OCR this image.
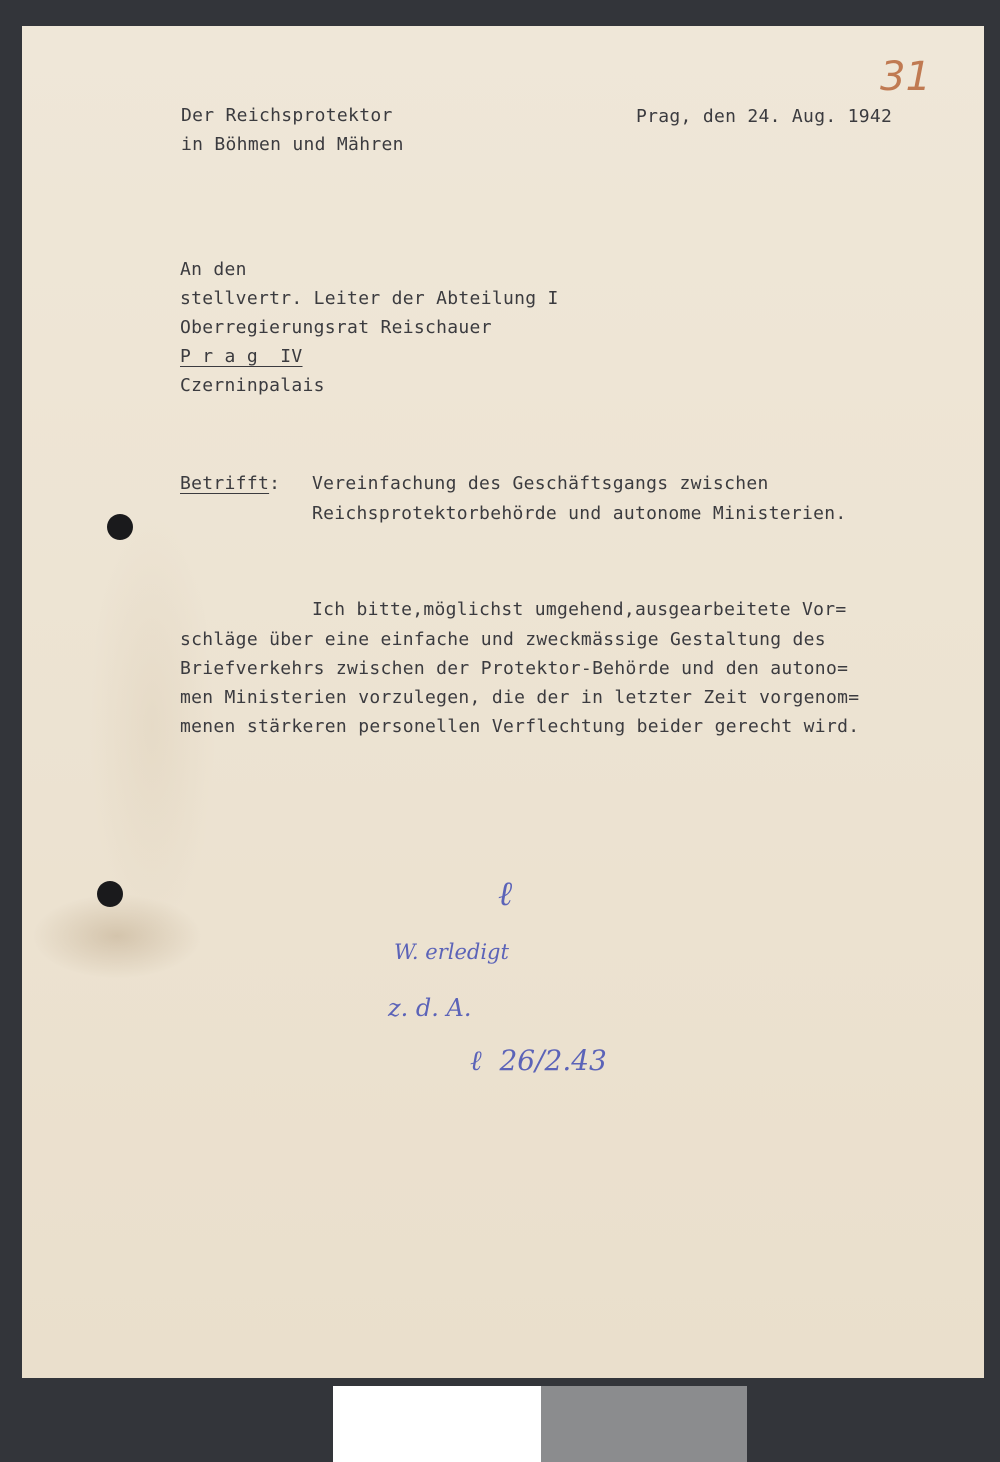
31
Der Reichsprotektor
in Böhmen und Mähren
Prag, den 24. Aug. 1942
An den
stellvertr. Leiter der Abteilung I
Oberregierungsrat Reischauer
P r a g  IV
Czerninpalais
Betrifft: Vereinfachung des Geschäftsgangs zwischen
Reichsprotektorbehörde und autonome Ministerien.
Ich bitte,möglichst umgehend,ausgearbeitete Vor=
schläge über eine einfache und zweckmässige Gestaltung des
Briefverkehrs zwischen der Protektor-Behörde und den autono=
men Ministerien vorzulegen, die der in letzter Zeit vorgenom=
menen stärkeren personellen Verflechtung beider gerecht wird.
ℓ
W. erledigt
z. d. A.
ℓ  26/2.43
